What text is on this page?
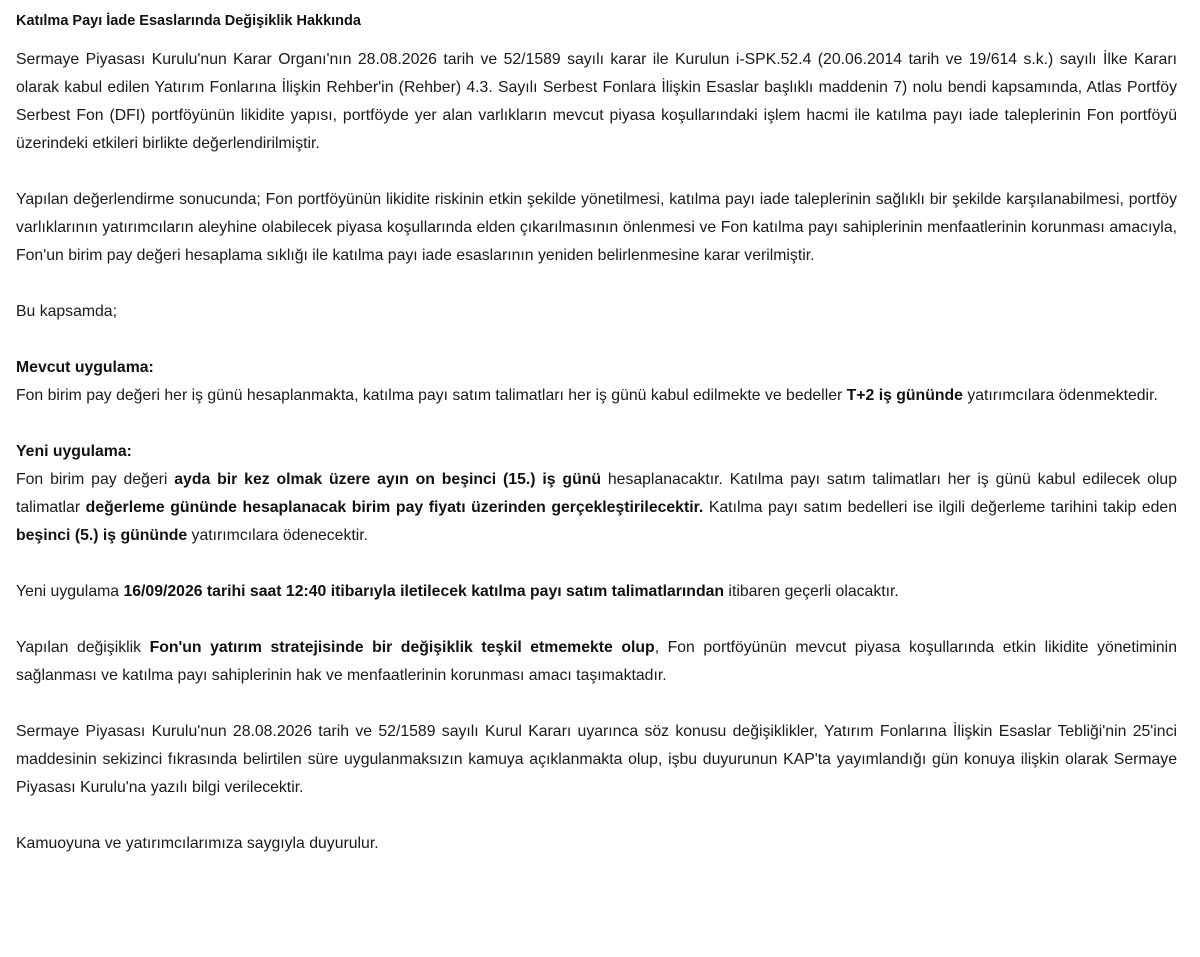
Katılma Payı İade Esaslarında Değişiklik Hakkında

Sermaye Piyasası Kurulu'nun Karar Organı'nın 28.08.2026 tarih ve 52/1589 sayılı karar ile Kurulun i-SPK.52.4 (20.06.2014 tarih ve 19/614 s.k.) sayılı İlke Kararı olarak kabul edilen Yatırım Fonlarına İlişkin Rehber'in (Rehber) 4.3. Sayılı Serbest Fonlara İlişkin Esaslar başlıklı maddenin 7) nolu bendi kapsamında, Atlas Portföy Serbest Fon (DFI) portföyünün likidite yapısı, portföyde yer alan varlıkların mevcut piyasa koşullarındaki işlem hacmi ile katılma payı iade taleplerinin Fon portföyü üzerindeki etkileri birlikte değerlendirilmiştir.

Yapılan değerlendirme sonucunda; Fon portföyünün likidite riskinin etkin şekilde yönetilmesi, katılma payı iade taleplerinin sağlıklı bir şekilde karşılanabilmesi, portföy varlıklarının yatırımcıların aleyhine olabilecek piyasa koşullarında elden çıkarılmasının önlenmesi ve Fon katılma payı sahiplerinin menfaatlerinin korunması amacıyla, Fon'un birim pay değeri hesaplama sıklığı ile katılma payı iade esaslarının yeniden belirlenmesine karar verilmiştir.

Bu kapsamda;

Mevcut uygulama:

Fon birim pay değeri her iş günü hesaplanmakta, katılma payı satım talimatları her iş günü kabul edilmekte ve bedeller T+2 iş gününde yatırımcılara ödenmektedir.

Yeni uygulama:

Fon birim pay değeri ayda bir kez olmak üzere ayın on beşinci (15.) iş günü hesaplanacaktır. Katılma payı satım talimatları her iş günü kabul edilecek olup talimatlar değerleme gününde hesaplanacak birim pay fiyatı üzerinden gerçekleştirilecektir. Katılma payı satım bedelleri ise ilgili değerleme tarihini takip eden beşinci (5.) iş gününde yatırımcılara ödenecektir.

Yeni uygulama 16/09/2026 tarihi saat 12:40 itibarıyla iletilecek katılma payı satım talimatlarından itibaren geçerli olacaktır.

Yapılan değişiklik Fon'un yatırım stratejisinde bir değişiklik teşkil etmemekte olup, Fon portföyünün mevcut piyasa koşullarında etkin likidite yönetiminin sağlanması ve katılma payı sahiplerinin hak ve menfaatlerinin korunması amacı taşımaktadır.

Sermaye Piyasası Kurulu'nun 28.08.2026 tarih ve 52/1589 sayılı Kurul Kararı uyarınca söz konusu değişiklikler, Yatırım Fonlarına İlişkin Esaslar Tebliği'nin 25'inci maddesinin sekizinci fıkrasında belirtilen süre uygulanmaksızın kamuya açıklanmakta olup, işbu duyurunun KAP'ta yayımlandığı gün konuya ilişkin olarak Sermaye Piyasası Kurulu'na yazılı bilgi verilecektir.

Kamuoyuna ve yatırımcılarımıza saygıyla duyurulur.
